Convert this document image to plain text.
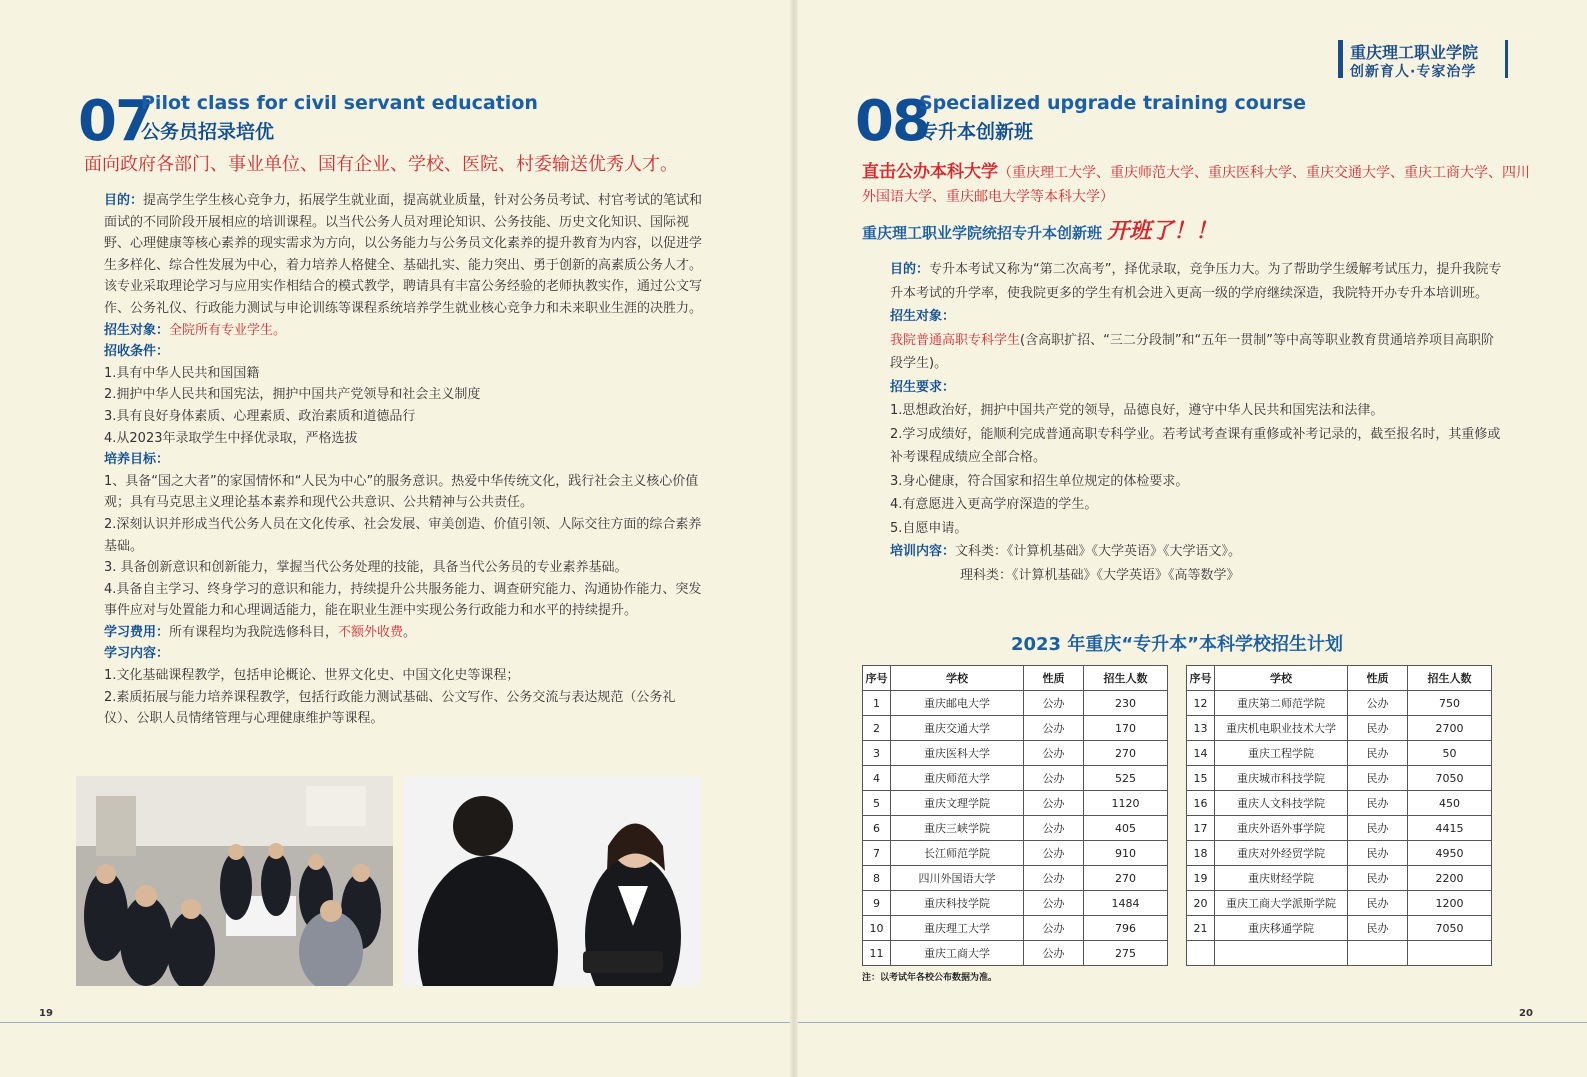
07
Pilot class for civil servant education
公务员招录培优
面向政府各部门、事业单位、国有企业、学校、医院、村委输送优秀人才。
目的：提高学生学生核心竞争力，拓展学生就业面，提高就业质量，针对公务员考试、村官考试的笔试和面试的不同阶段开展相应的培训课程。以当代公务人员对理论知识、公务技能、历史文化知识、国际视野、心理健康等核心素养的现实需求为方向，以公务能力与公务员文化素养的提升教育为内容，以促进学生多样化、综合性发展为中心，着力培养人格健全、基础扎实、能力突出、勇于创新的高素质公务人才。该专业采取理论学习与应用实作相结合的模式教学，聘请具有丰富公务经验的老师执教实作，通过公文写作、公务礼仪、行政能力测试与申论训练等课程系统培养学生就业核心竞争力和未来职业生涯的决胜力。
招生对象：全院所有专业学生。
招收条件：
1.具有中华人民共和国国籍
2.拥护中华人民共和国宪法，拥护中国共产党领导和社会主义制度
3.具有良好身体素质、心理素质、政治素质和道德品行
4.从2023年录取学生中择优录取，严格选拔
培养目标：
1、具备“国之大者”的家国情怀和“人民为中心”的服务意识。热爱中华传统文化，践行社会主义核心价值观；具有马克思主义理论基本素养和现代公共意识、公共精神与公共责任。
2.深刻认识并形成当代公务人员在文化传承、社会发展、审美创造、价值引领、人际交往方面的综合素养基础。
3. 具备创新意识和创新能力，掌握当代公务处理的技能，具备当代公务员的专业素养基础。
4.具备自主学习、终身学习的意识和能力，持续提升公共服务能力、调查研究能力、沟通协作能力、突发事件应对与处置能力和心理调适能力，能在职业生涯中实现公务行政能力和水平的持续提升。
学习费用：所有课程均为我院选修科目，不额外收费。
学习内容：
1.文化基础课程教学，包括申论概论、世界文化史、中国文化史等课程；
2.素质拓展与能力培养课程教学，包括行政能力测试基础、公文写作、公务交流与表达规范（公务礼仪）、公职人员情绪管理与心理健康维护等课程。
19
重庆理工职业学院
创新育人·专家治学
08
Specialized upgrade training course
专升本创新班
直击公办本科大学（重庆理工大学、重庆师范大学、重庆医科大学、重庆交通大学、重庆工商大学、四川外国语大学、重庆邮电大学等本科大学）
重庆理工职业学院统招专升本创新班 开班了！！
目的：专升本考试又称为“第二次高考”，择优录取，竞争压力大。为了帮助学生缓解考试压力，提升我院专升本考试的升学率，使我院更多的学生有机会进入更高一级的学府继续深造，我院特开办专升本培训班。
招生对象：
我院普通高职专科学生(含高职扩招、“三二分段制”和“五年一贯制”等中高等职业教育贯通培养项目高职阶段学生)。
招生要求：
1.思想政治好，拥护中国共产党的领导，品德良好，遵守中华人民共和国宪法和法律。
2.学习成绩好，能顺利完成普通高职专科学业。若考试考查课有重修或补考记录的，截至报名时，其重修或补考课程成绩应全部合格。
3.身心健康，符合国家和招生单位规定的体检要求。
4.有意愿进入更高学府深造的学生。
5.自愿申请。
培训内容：文科类：《计算机基础》《大学英语》《大学语文》。
理科类：《计算机基础》《大学英语》《高等数学》
2023 年重庆“专升本”本科学校招生计划
序号	学校	性质	招生人数
1	重庆邮电大学	公办	230
2	重庆交通大学	公办	170
3	重庆医科大学	公办	270
4	重庆师范大学	公办	525
5	重庆文理学院	公办	1120
6	重庆三峡学院	公办	405
7	长江师范学院	公办	910
8	四川外国语大学	公办	270
9	重庆科技学院	公办	1484
10	重庆理工大学	公办	796
11	重庆工商大学	公办	275
序号	学校	性质	招生人数
12	重庆第二师范学院	公办	750
13	重庆机电职业技术大学	民办	2700
14	重庆工程学院	民办	50
15	重庆城市科技学院	民办	7050
16	重庆人文科技学院	民办	450
17	重庆外语外事学院	民办	4415
18	重庆对外经贸学院	民办	4950
19	重庆财经学院	民办	2200
20	重庆工商大学派斯学院	民办	1200
21	重庆移通学院	民办	7050

注：以考试年各校公布数据为准。
20
